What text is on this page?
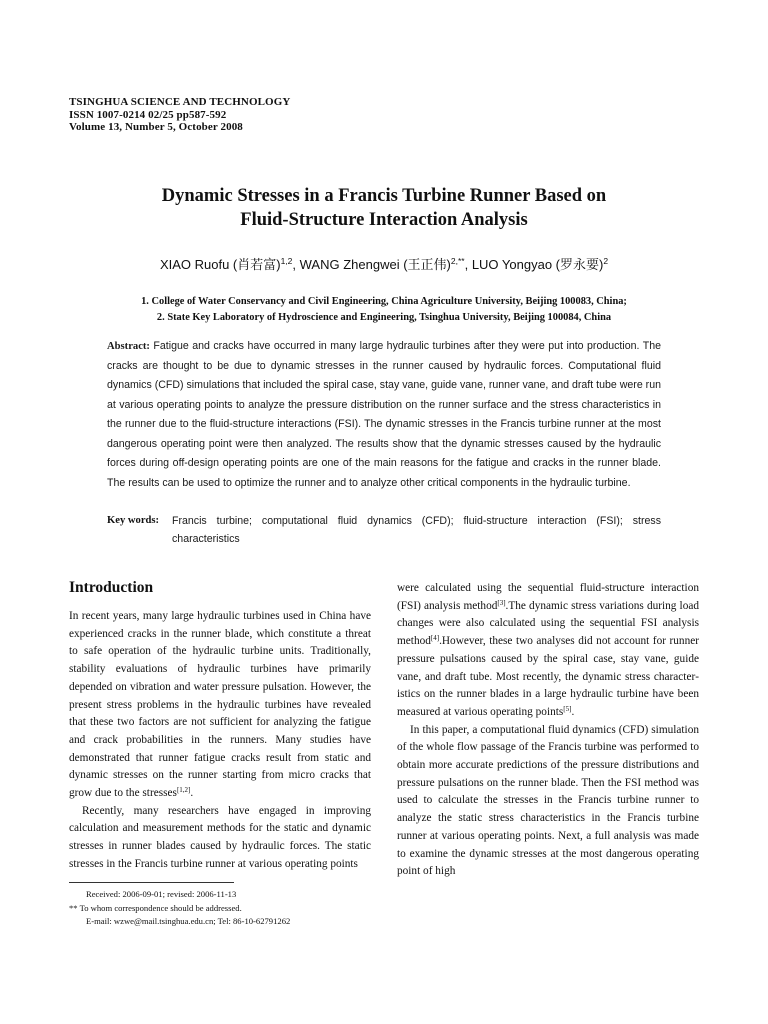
TSINGHUA SCIENCE AND TECHNOLOGY
ISSN 1007-0214 02/25 pp587-592
Volume 13, Number 5, October 2008
Dynamic Stresses in a Francis Turbine Runner Based on
Fluid-Structure Interaction Analysis
XIAO Ruofu (肖若富)$^{1,2}$, WANG Zhengwei (王正伟)$^{2,**}$, LUO Yongyao (罗永要)$^2$
1. College of Water Conservancy and Civil Engineering, China Agriculture University, Beijing 100083, China;
2. State Key Laboratory of Hydroscience and Engineering, Tsinghua University, Beijing 100084, China
Abstract: Fatigue and cracks have occurred in many large hydraulic turbines after they were put into production. The cracks are thought to be due to dynamic stresses in the runner caused by hydraulic forces. Computational fluid dynamics (CFD) simulations that included the spiral case, stay vane, guide vane, runner vane, and draft tube were run at various operating points to analyze the pressure distribution on the runner surface and the stress characteristics in the runner due to the fluid-structure interactions (FSI). The dynamic stresses in the Francis turbine runner at the most dangerous operating point were then analyzed. The results show that the dynamic stresses caused by the hydraulic forces during off-design operating points are one of the main reasons for the fatigue and cracks in the runner blade. The results can be used to optimize the runner and to analyze other critical components in the hydraulic turbine.
Key words: Francis turbine; computational fluid dynamics (CFD); fluid-structure interaction (FSI); stress characteristics
Introduction

In recent years, many large hydraulic turbines used in China have experienced cracks in the runner blade, which constitute a threat to safe operation of the hydraulic turbine units. Traditionally, stability evaluations of hydraulic turbines have primarily depended on vibration and water pressure pulsation. However, the present stress problems in the hydraulic turbines have revealed that these two factors are not sufficient for analyzing the fatigue and crack probabilities in the runners. Many studies have demonstrated that runner fatigue cracks result from static and dynamic stresses on the runner starting from micro cracks that grow due to the stresses[1,2].

Recently, many researchers have engaged in improving calculation and measurement methods for the static and dynamic stresses in runner blades caused by hydraulic forces. The static stresses in the Francis turbine runner at various operating points

were calculated using the sequential fluid-structure interaction (FSI) analysis method[3].The dynamic stress variations during load changes were also calculated using the sequential FSI analysis method[4].However, these two analyses did not account for runner pressure pulsations caused by the spiral case, stay vane, guide vane, and draft tube. Most recently, the dynamic stress characteristics on the runner blades in a large hydraulic turbine have been measured at various operating points[5].

In this paper, a computational fluid dynamics (CFD) simulation of the whole flow passage of the Francis turbine was performed to obtain more accurate predictions of the pressure distributions and pressure pulsations on the runner blade. Then the FSI method was used to calculate the stresses in the Francis turbine runner to analyze the static stress characteristics in the Francis turbine runner at various operating points. Next, a full analysis was made to examine the dynamic stresses at the most dangerous operating point of high

Received: 2006-09-01; revised: 2006-11-13
** To whom correspondence should be addressed.
E-mail: wzwe@mail.tsinghua.edu.cn; Tel: 86-10-62791262
